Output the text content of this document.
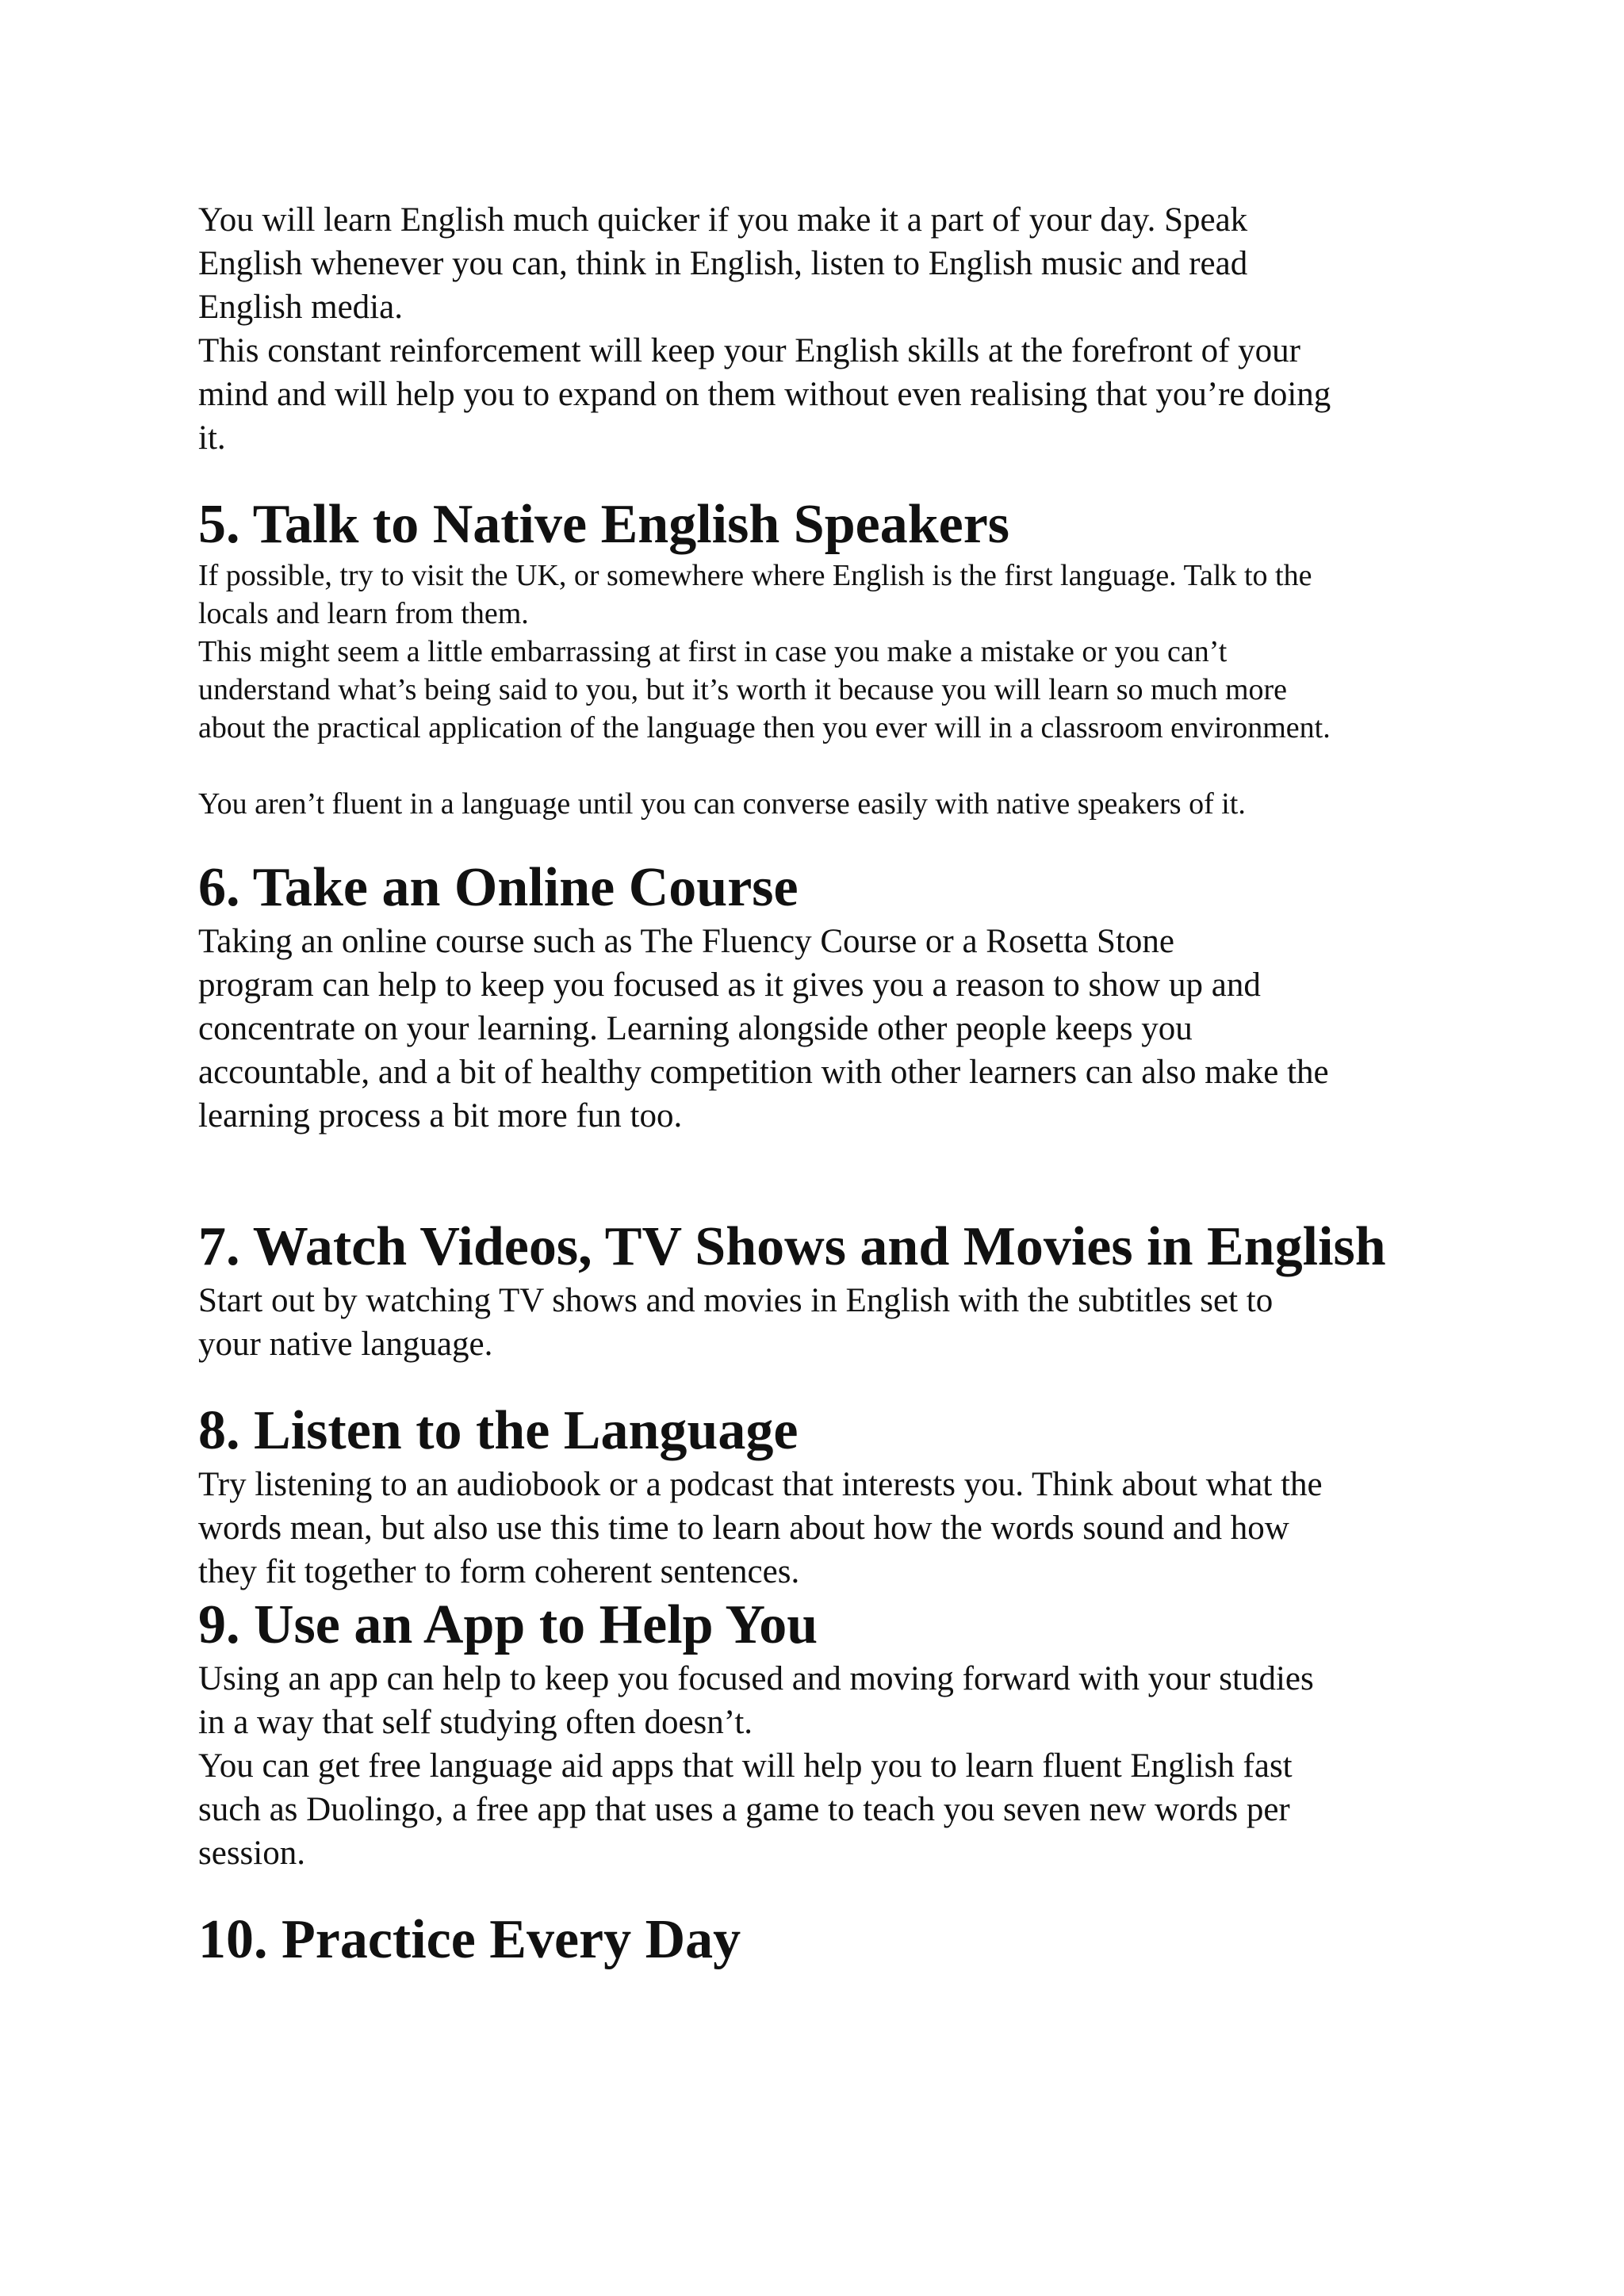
You will learn English much quicker if you make it a part of your day. Speak

English whenever you can, think in English, listen to English music and read

English media.

This constant reinforcement will keep your English skills at the forefront of your

mind and will help you to expand on them without even realising that you’re doing

it.

5. Talk to Native English Speakers

If possible, try to visit the UK, or somewhere where English is the first language. Talk to the

locals and learn from them.

This might seem a little embarrassing at first in case you make a mistake or you can’t

understand what’s being said to you, but it’s worth it because you will learn so much more

about the practical application of the language then you ever will in a classroom environment.

You aren’t fluent in a language until you can converse easily with native speakers of it.

6. Take an Online Course

Taking an online course such as The Fluency Course or a Rosetta Stone

program can help to keep you focused as it gives you a reason to show up and

concentrate on your learning. Learning alongside other people keeps you

accountable, and a bit of healthy competition with other learners can also make the

learning process a bit more fun too.

7. Watch Videos, TV Shows and Movies in English

Start out by watching TV shows and movies in English with the subtitles set to

your native language.

8. Listen to the Language

Try listening to an audiobook or a podcast that interests you. Think about what the

words mean, but also use this time to learn about how the words sound and how

they fit together to form coherent sentences.

9. Use an App to Help You

Using an app can help to keep you focused and moving forward with your studies

in a way that self studying often doesn’t.

You can get free language aid apps that will help you to learn fluent English fast

such as Duolingo, a free app that uses a game to teach you seven new words per

session.

10. Practice Every Day
